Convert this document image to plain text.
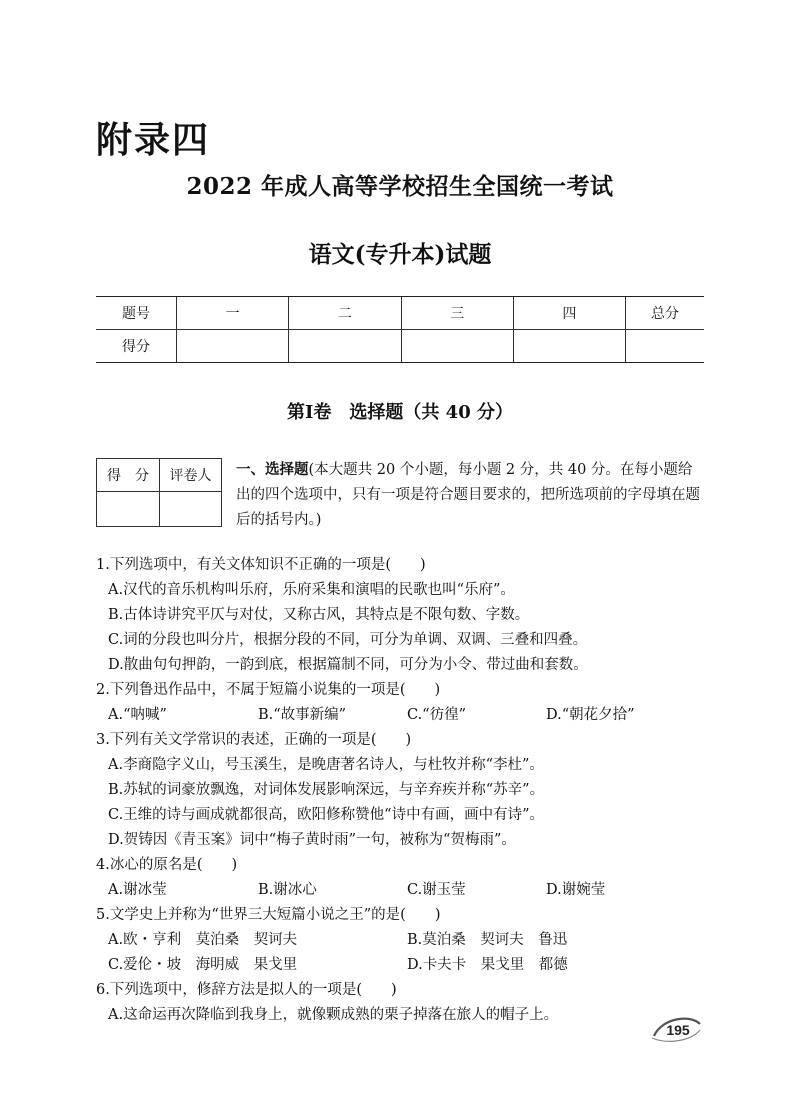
附录四
2022 年成人高等学校招生全国统一考试
语文(专升本)试题
题号	一	二	三	四	总分
得分					
第Ⅰ卷　选择题（共 40 分）
得　分	评卷人
	一、选择题(本大题共 20 个小题，每小题 2 分，共 40 分。在每小题给出的四个选项中，只有一项是符合题目要求的，把所选项前的字母填在题后的括号内。)
1.下列选项中，有关文体知识不正确的一项是(　　)
A.汉代的音乐机构叫乐府，乐府采集和演唱的民歌也叫“乐府”。
B.古体诗讲究平仄与对仗，又称古风，其特点是不限句数、字数。
C.词的分段也叫分片，根据分段的不同，可分为单调、双调、三叠和四叠。
D.散曲句句押韵，一韵到底，根据篇制不同，可分为小令、带过曲和套数。
2.下列鲁迅作品中，不属于短篇小说集的一项是(　　)
A.“呐喊”	B.“故事新编”	C.“彷徨”	D.“朝花夕拾”
3.下列有关文学常识的表述，正确的一项是(　　)
A.李商隐字义山，号玉溪生，是晚唐著名诗人，与杜牧并称“李杜”。
B.苏轼的词豪放飘逸，对词体发展影响深远，与辛弃疾并称“苏辛”。
C.王维的诗与画成就都很高，欧阳修称赞他“诗中有画，画中有诗”。
D.贺铸因《青玉案》词中“梅子黄时雨”一句，被称为“贺梅雨”。
4.冰心的原名是(　　)
A.谢冰莹	B.谢冰心	C.谢玉莹	D.谢婉莹
5.文学史上并称为“世界三大短篇小说之王”的是(　　)
A.欧・亨利　莫泊桑　契诃夫	B.莫泊桑　契诃夫　鲁迅
C.爱伦・坡　海明威　果戈里	D.卡夫卡　果戈里　都德
6.下列选项中，修辞方法是拟人的一项是(　　)
A.这命运再次降临到我身上，就像颗成熟的栗子掉落在旅人的帽子上。
195
